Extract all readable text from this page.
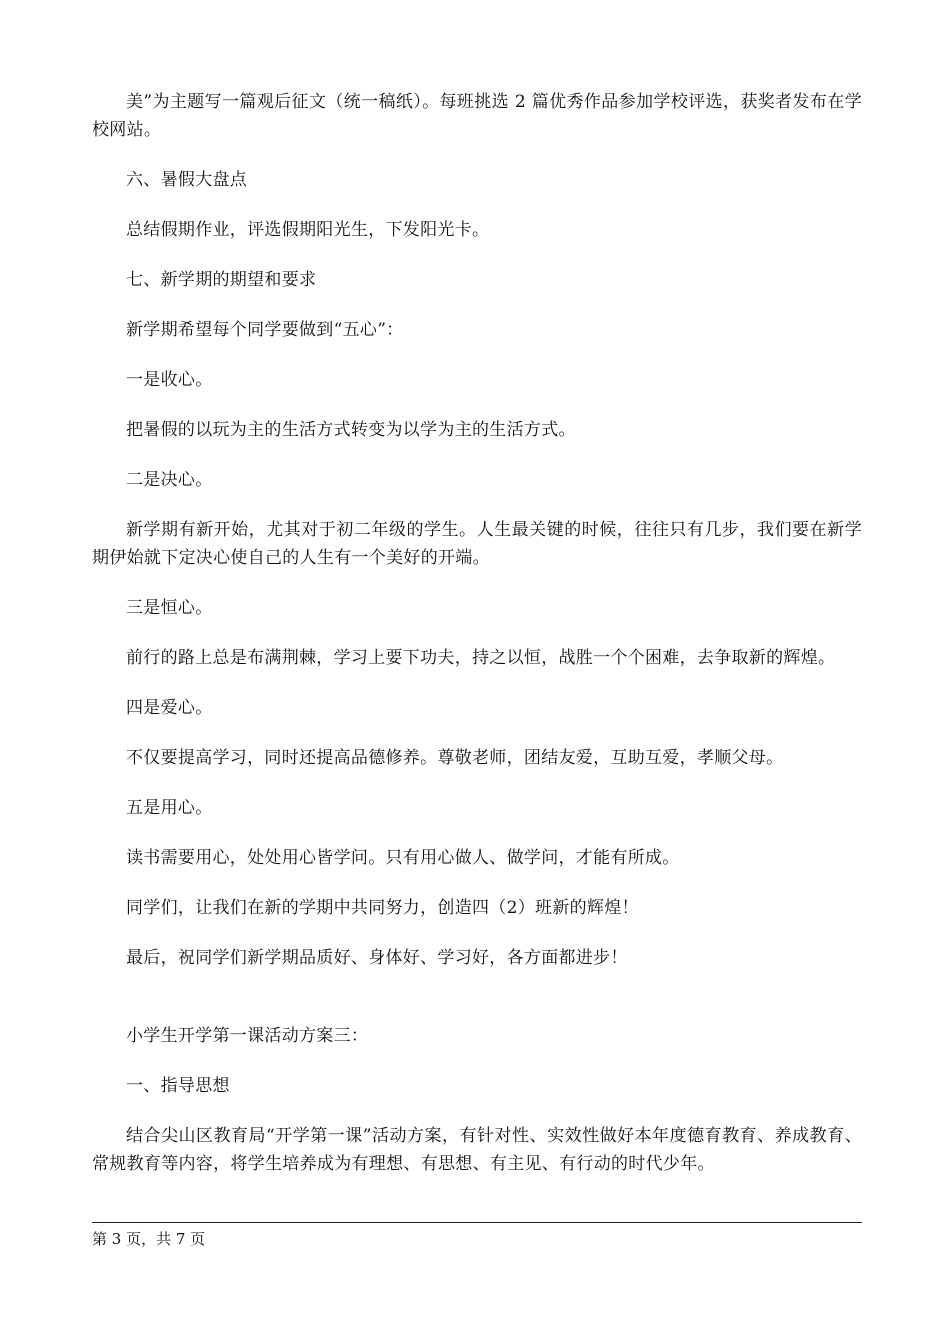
美”为主题写一篇观后征文（统一稿纸）。每班挑选 2 篇优秀作品参加学校评选，获奖者发布在学校网站。

六、暑假大盘点

总结假期作业，评选假期阳光生，下发阳光卡。

七、新学期的期望和要求

新学期希望每个同学要做到“五心”：

一是收心。

把暑假的以玩为主的生活方式转变为以学为主的生活方式。

二是决心。

新学期有新开始，尤其对于初二年级的学生。人生最关键的时候，往往只有几步，我们要在新学期伊始就下定决心使自己的人生有一个美好的开端。

三是恒心。

前行的路上总是布满荆棘，学习上要下功夫，持之以恒，战胜一个个困难，去争取新的辉煌。

四是爱心。

不仅要提高学习，同时还提高品德修养。尊敬老师，团结友爱，互助互爱，孝顺父母。

五是用心。

读书需要用心，处处用心皆学问。只有用心做人、做学问，才能有所成。

同学们，让我们在新的学期中共同努力，创造四（2）班新的辉煌！

最后，祝同学们新学期品质好、身体好、学习好，各方面都进步！

小学生开学第一课活动方案三：

一、指导思想

结合尖山区教育局“开学第一课”活动方案，有针对性、实效性做好本年度德育教育、养成教育、常规教育等内容，将学生培养成为有理想、有思想、有主见、有行动的时代少年。

第 3 页，共 7 页
